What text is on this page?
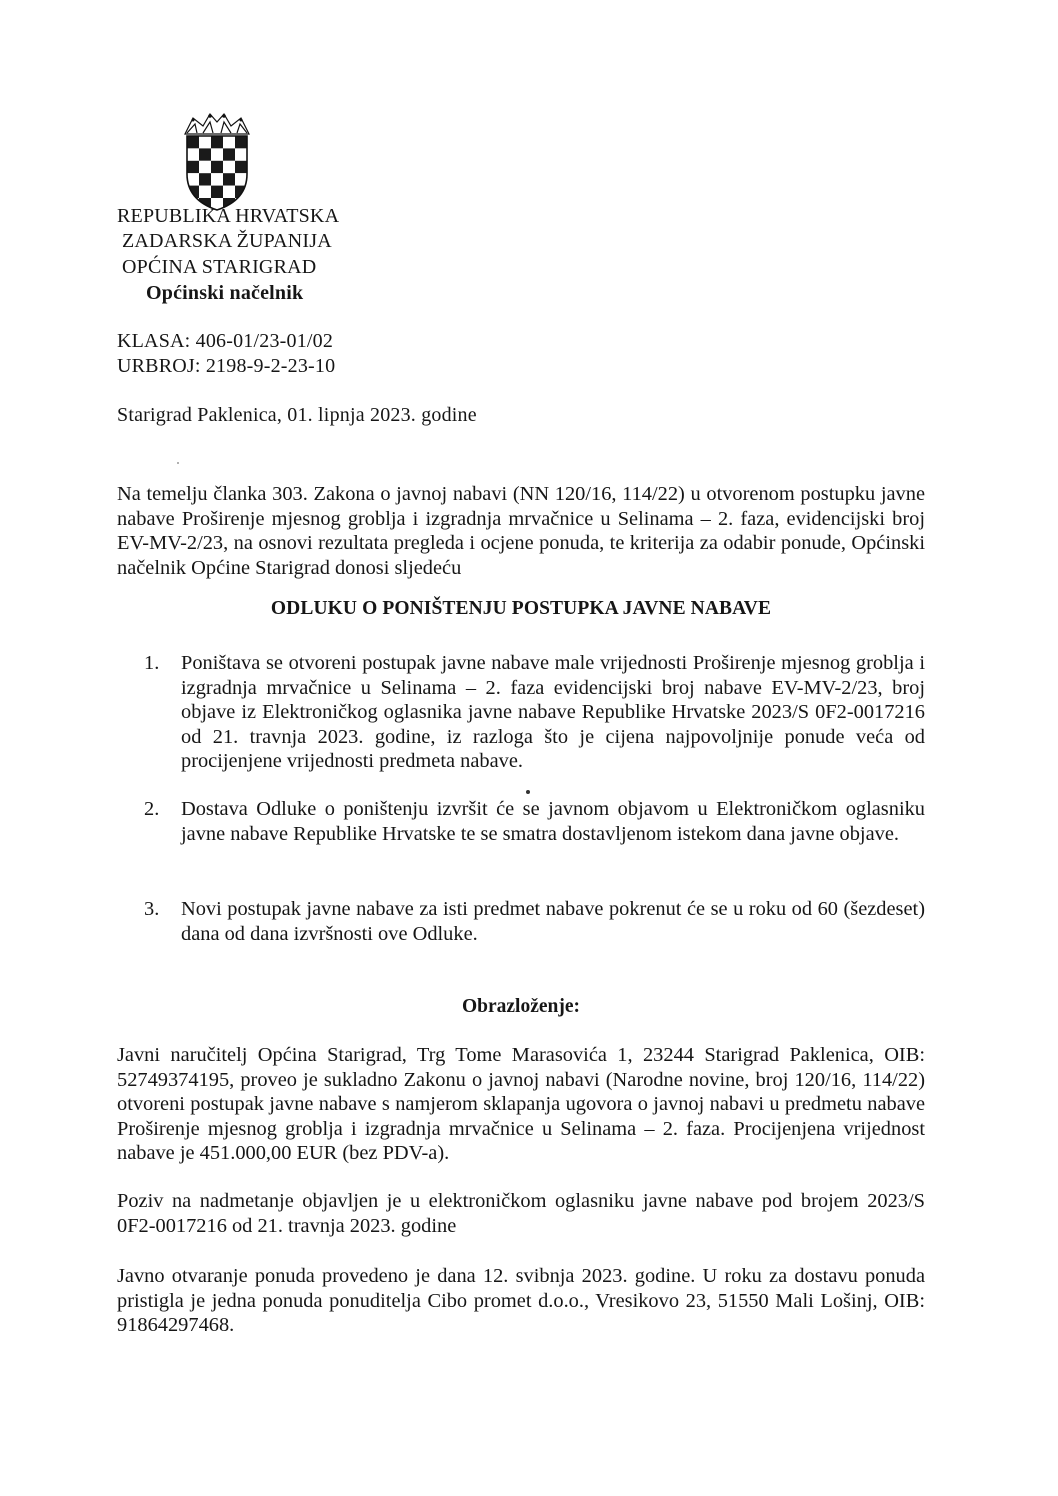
REPUBLIKA HRVATSKA
ZADARSKA ŽUPANIJA
OPĆINA STARIGRAD
Općinski načelnik
KLASA: 406-01/23-01/02
URBROJ: 2198-9-2-23-10
Starigrad Paklenica, 01. lipnja 2023. godine
Na temelju članka 303. Zakona o javnoj nabavi (NN 120/16, 114/22) u otvorenom postupku javne nabave Proširenje mjesnog groblja i izgradnja mrvačnice u Selinama – 2. faza, evidencijski broj EV-MV-2/23, na osnovi rezultata pregleda i ocjene ponuda, te kriterija za odabir ponude, Općinski načelnik Općine Starigrad donosi sljedeću
ODLUKU O PONIŠTENJU POSTUPKA JAVNE NABAVE
1.	Poništava se otvoreni postupak javne nabave male vrijednosti Proširenje mjesnog groblja i izgradnja mrvačnice u Selinama – 2. faza evidencijski broj nabave EV-MV-2/23, broj objave iz Elektroničkog oglasnika javne nabave Republike Hrvatske 2023/S 0F2-0017216 od 21. travnja 2023. godine, iz razloga što je cijena najpovoljnije ponude veća od procijenjene vrijednosti predmeta nabave.
2.	Dostava Odluke o poništenju izvršit će se javnom objavom u Elektroničkom oglasniku javne nabave Republike Hrvatske te se smatra dostavljenom istekom dana javne objave.
3.	Novi postupak javne nabave za isti predmet nabave pokrenut će se u roku od 60 (šezdeset) dana od dana izvršnosti ove Odluke.
Obrazloženje:
Javni naručitelj Općina Starigrad, Trg Tome Marasovića 1, 23244 Starigrad Paklenica, OIB: 52749374195, proveo je sukladno Zakonu o javnoj nabavi (Narodne novine, broj 120/16, 114/22) otvoreni postupak javne nabave s namjerom sklapanja ugovora o javnoj nabavi u predmetu nabave Proširenje mjesnog groblja i izgradnja mrvačnice u Selinama – 2. faza. Procijenjena vrijednost nabave je 451.000,00 EUR (bez PDV-a).
Poziv na nadmetanje objavljen je u elektroničkom oglasniku javne nabave pod brojem 2023/S 0F2-0017216 od 21. travnja 2023. godine
Javno otvaranje ponuda provedeno je dana 12. svibnja 2023. godine. U roku za dostavu ponuda pristigla je jedna ponuda ponuditelja Cibo promet d.o.o., Vresikovo 23, 51550 Mali Lošinj, OIB: 91864297468.
